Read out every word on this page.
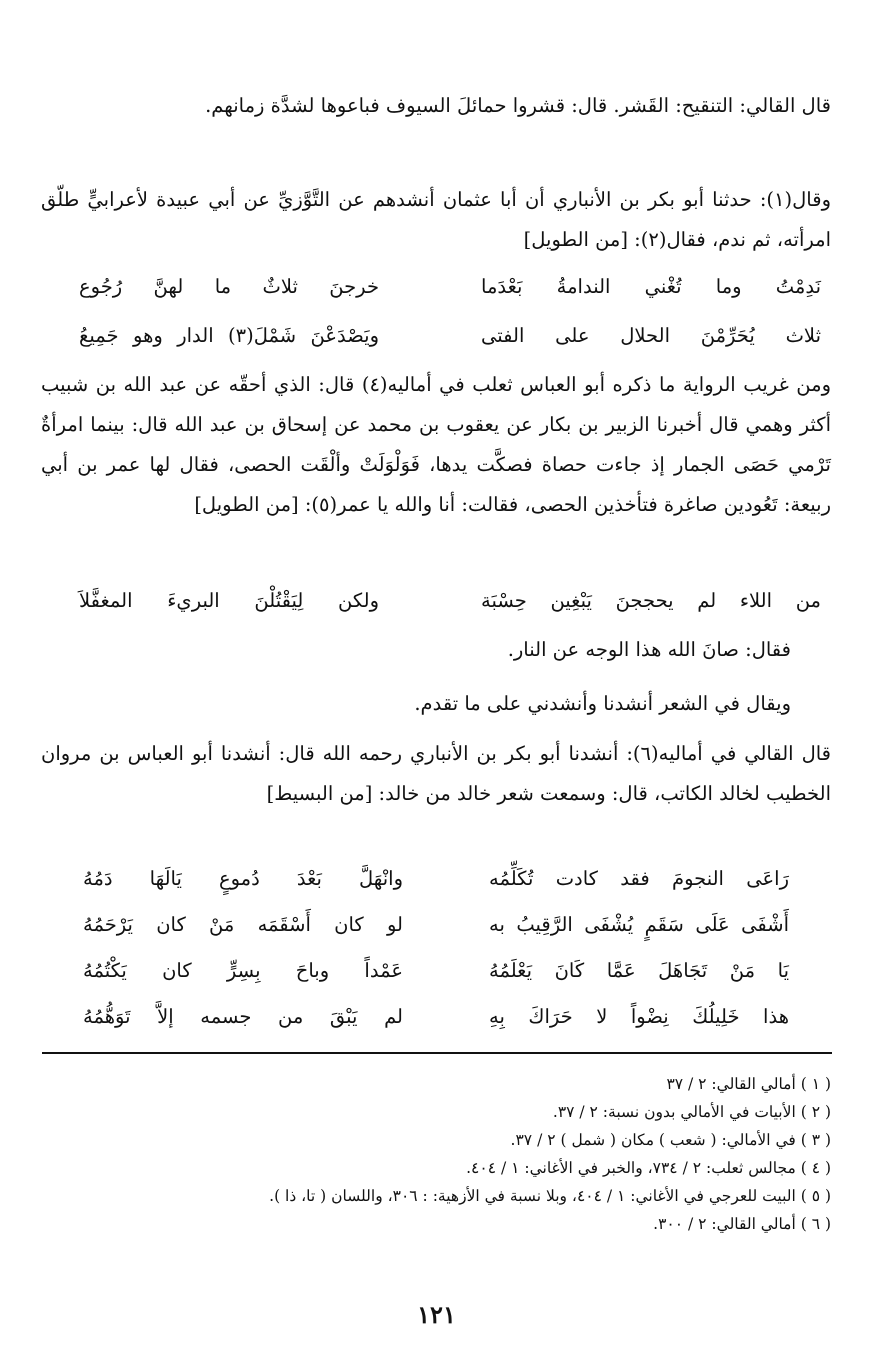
قال القالي: التنقيح: القَشر. قال: قشروا حمائلَ السيوف فباعوها لشدَّة زمانهم.
وقال(١): حدثنا أبو بكر بن الأنباري أن أبا عثمان أنشدهم عن التَّوَّزيِّ عن أبي عبيدة لأعرابيٍّ طلّق امرأته، ثم ندم، فقال(٢): [من الطويل]
نَدِمْتُ وما تُغْني الندامةُ بَعْدَما
خرجنَ ثلاثٌ ما لهنَّ رُجُوع
ثلاث يُحَرِّمْنَ الحلال على الفتى
ويَصْدَعْنَ شَمْلَ(٣) الدار وهو جَمِيعُ
ومن غريب الرواية ما ذكره أبو العباس ثعلب في أماليه(٤) قال: الذي أحقّه عن عبد الله بن شبيب أكثر وهمي قال أخبرنا الزبير بن بكار عن يعقوب بن محمد عن إسحاق بن عبد الله قال: بينما امرأةٌ تَرْمي حَصَى الجمار إذ جاءت حصاة فصكَّت يدها، فَوَلْوَلَتْ وألْقَت الحصى، فقال لها عمر بن أبي ربيعة: تَعُودين صاغرة فتأخذين الحصى، فقالت: أنا والله يا عمر(٥): [من الطويل]
من اللاء لم يحججنَ يَبْغِين حِسْبَة
ولكن لِيَقْتُلْنَ البريءَ المغفَّلاَ
فقال: صانَ الله هذا الوجه عن النار.
ويقال في الشعر أنشدنا وأنشدني على ما تقدم.
قال القالي في أماليه(٦): أنشدنا أبو بكر بن الأنباري رحمه الله قال: أنشدنا أبو العباس بن مروان الخطيب لخالد الكاتب، قال: وسمعت شعر خالد من خالد: [من البسيط]
رَاعَى النجومَ فقد كادت تُكَلِّمُه
وانْهَلَّ بَعْدَ دُموعٍ يَالَهَا دَمُهُ
أَشْفَى عَلَى سَقَمٍ يُشْفَى الرَّقِيبُ به
لو كان أَسْقَمَه مَنْ كان يَرْحَمُهُ
يَا مَنْ تَجَاهَلَ عَمَّا كَانَ يَعْلَمُهُ
عَمْداً وباحَ بِسِرٍّ كان يَكْتُمُهُ
هذا خَلِيلُكَ نِضْواً لا حَرَاكَ بِهِ
لم يَبْقَ من جسمه إلاَّ تَوَهُّمُهُ
( ١ ) أمالي القالي: ٢ / ٣٧
( ٢ ) الأبيات في الأمالي بدون نسبة: ٢ / ٣٧.
( ٣ ) في الأمالي: ( شعب ) مكان ( شمل ) ٢ / ٣٧.
( ٤ ) مجالس ثعلب: ٢ / ٧٣٤، والخبر في الأغاني: ١ / ٤٠٤.
( ٥ ) البيت للعرجي في الأغاني: ١ / ٤٠٤، وبلا نسبة في الأزهية: : ٣٠٦، واللسان ( تا، ذا ).
( ٦ ) أمالي القالي: ٢ / ٣٠٠.
١٢١
